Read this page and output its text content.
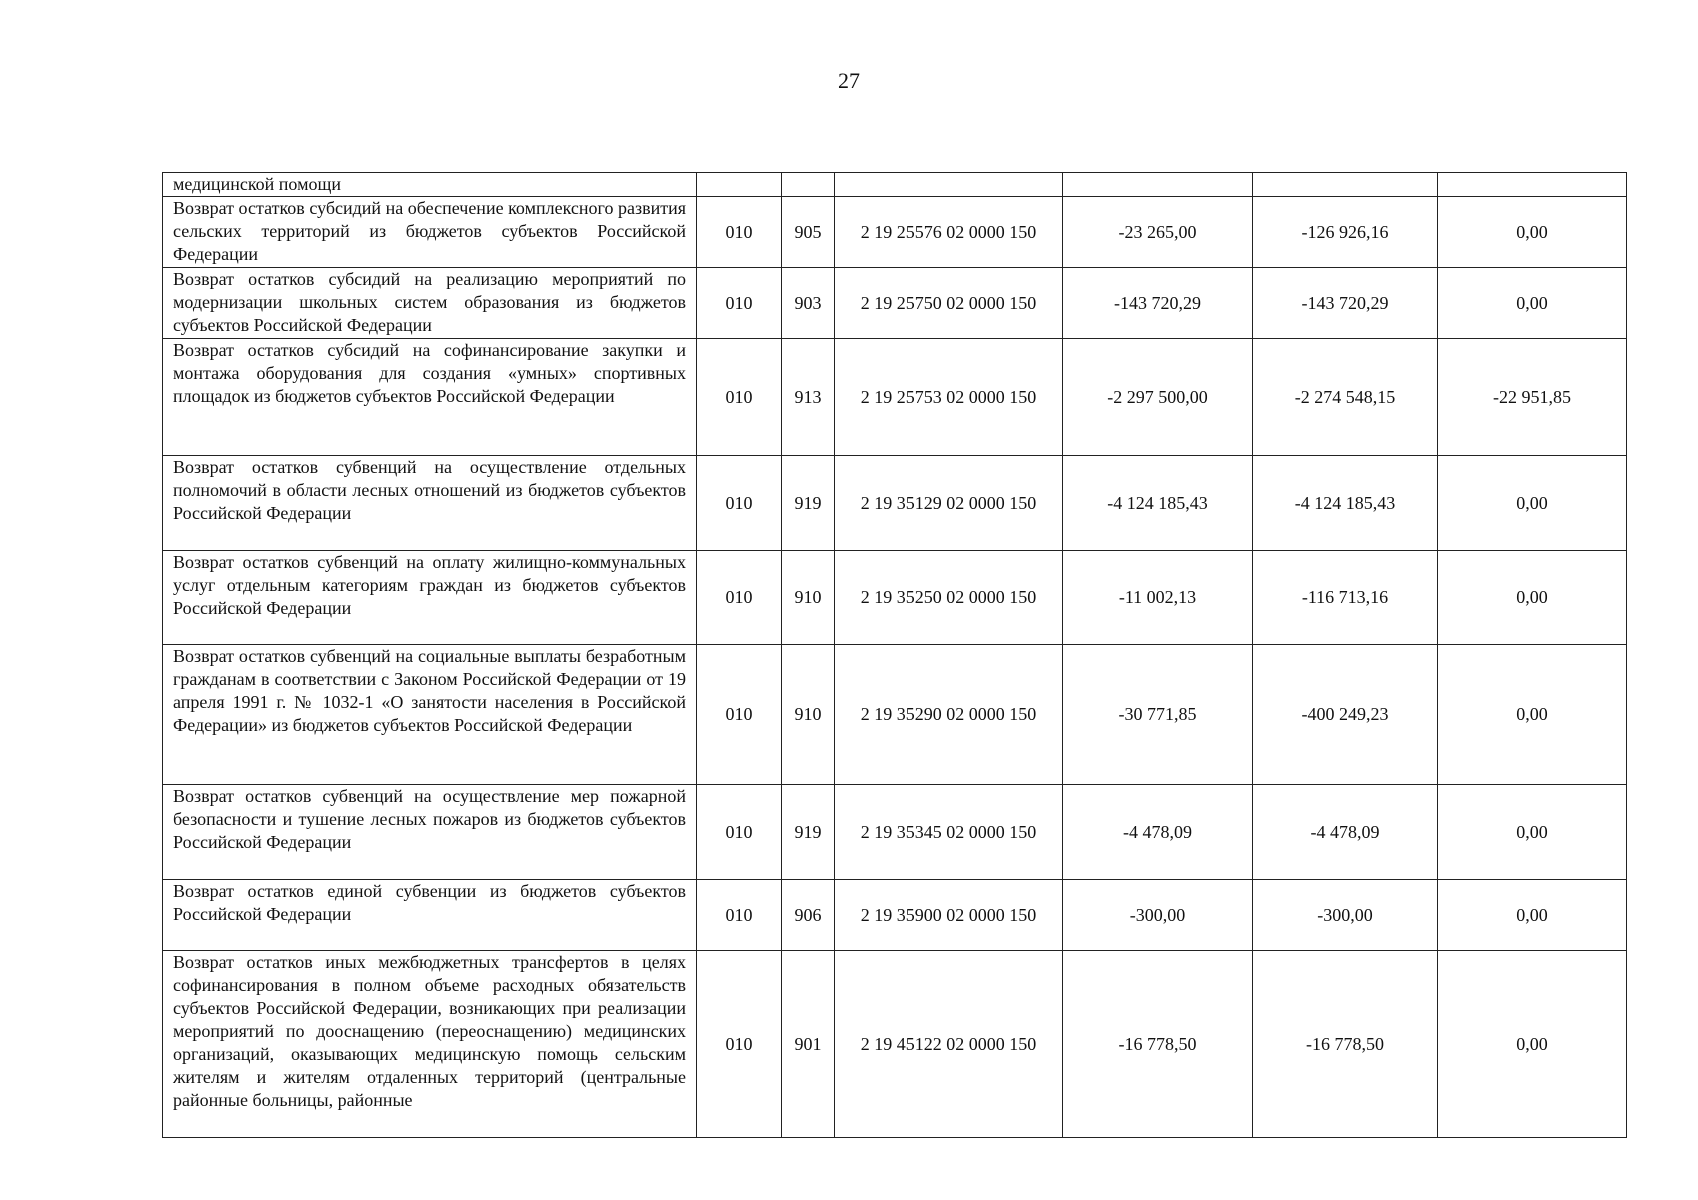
27
медицинской помощи						
Возврат остатков субсидий на обеспечение комплексного развития сельских территорий из бюджетов субъектов Российской Федерации	010	905	2 19 25576 02 0000 150	-23 265,00	-126 926,16	0,00
Возврат остатков субсидий на реализацию мероприятий по модернизации школьных систем образования из бюджетов субъектов Российской Федерации	010	903	2 19 25750 02 0000 150	-143 720,29	-143 720,29	0,00
Возврат остатков субсидий на софинансирование закупки и монтажа оборудования для создания «умных» спортивных площадок из бюджетов субъектов Российской Федерации	010	913	2 19 25753 02 0000 150	-2 297 500,00	-2 274 548,15	-22 951,85
Возврат остатков субвенций на осуществление отдельных полномочий в области лесных отношений из бюджетов субъектов Российской Федерации	010	919	2 19 35129 02 0000 150	-4 124 185,43	-4 124 185,43	0,00
Возврат остатков субвенций на оплату жилищно-коммунальных услуг отдельным категориям граждан из бюджетов субъектов Российской Федерации	010	910	2 19 35250 02 0000 150	-11 002,13	-116 713,16	0,00
Возврат остатков субвенций на социальные выплаты безработным гражданам в соответствии с Законом Российской Федерации от 19 апреля 1991 г. № 1032-1 «О занятости населения в Российской Федерации» из бюджетов субъектов Российской Федерации	010	910	2 19 35290 02 0000 150	-30 771,85	-400 249,23	0,00
Возврат остатков субвенций на осуществление мер пожарной безопасности и тушение лесных пожаров из бюджетов субъектов Российской Федерации	010	919	2 19 35345 02 0000 150	-4 478,09	-4 478,09	0,00
Возврат остатков единой субвенции из бюджетов субъектов Российской Федерации	010	906	2 19 35900 02 0000 150	-300,00	-300,00	0,00
Возврат остатков иных межбюджетных трансфертов в целях софинансирования в полном объеме расходных обязательств субъектов Российской Федерации, возникающих при реализации мероприятий по дооснащению (переоснащению) медицинских организаций, оказывающих медицинскую помощь сельским жителям и жителям отдаленных территорий (центральные районные больницы, районные	010	901	2 19 45122 02 0000 150	-16 778,50	-16 778,50	0,00
